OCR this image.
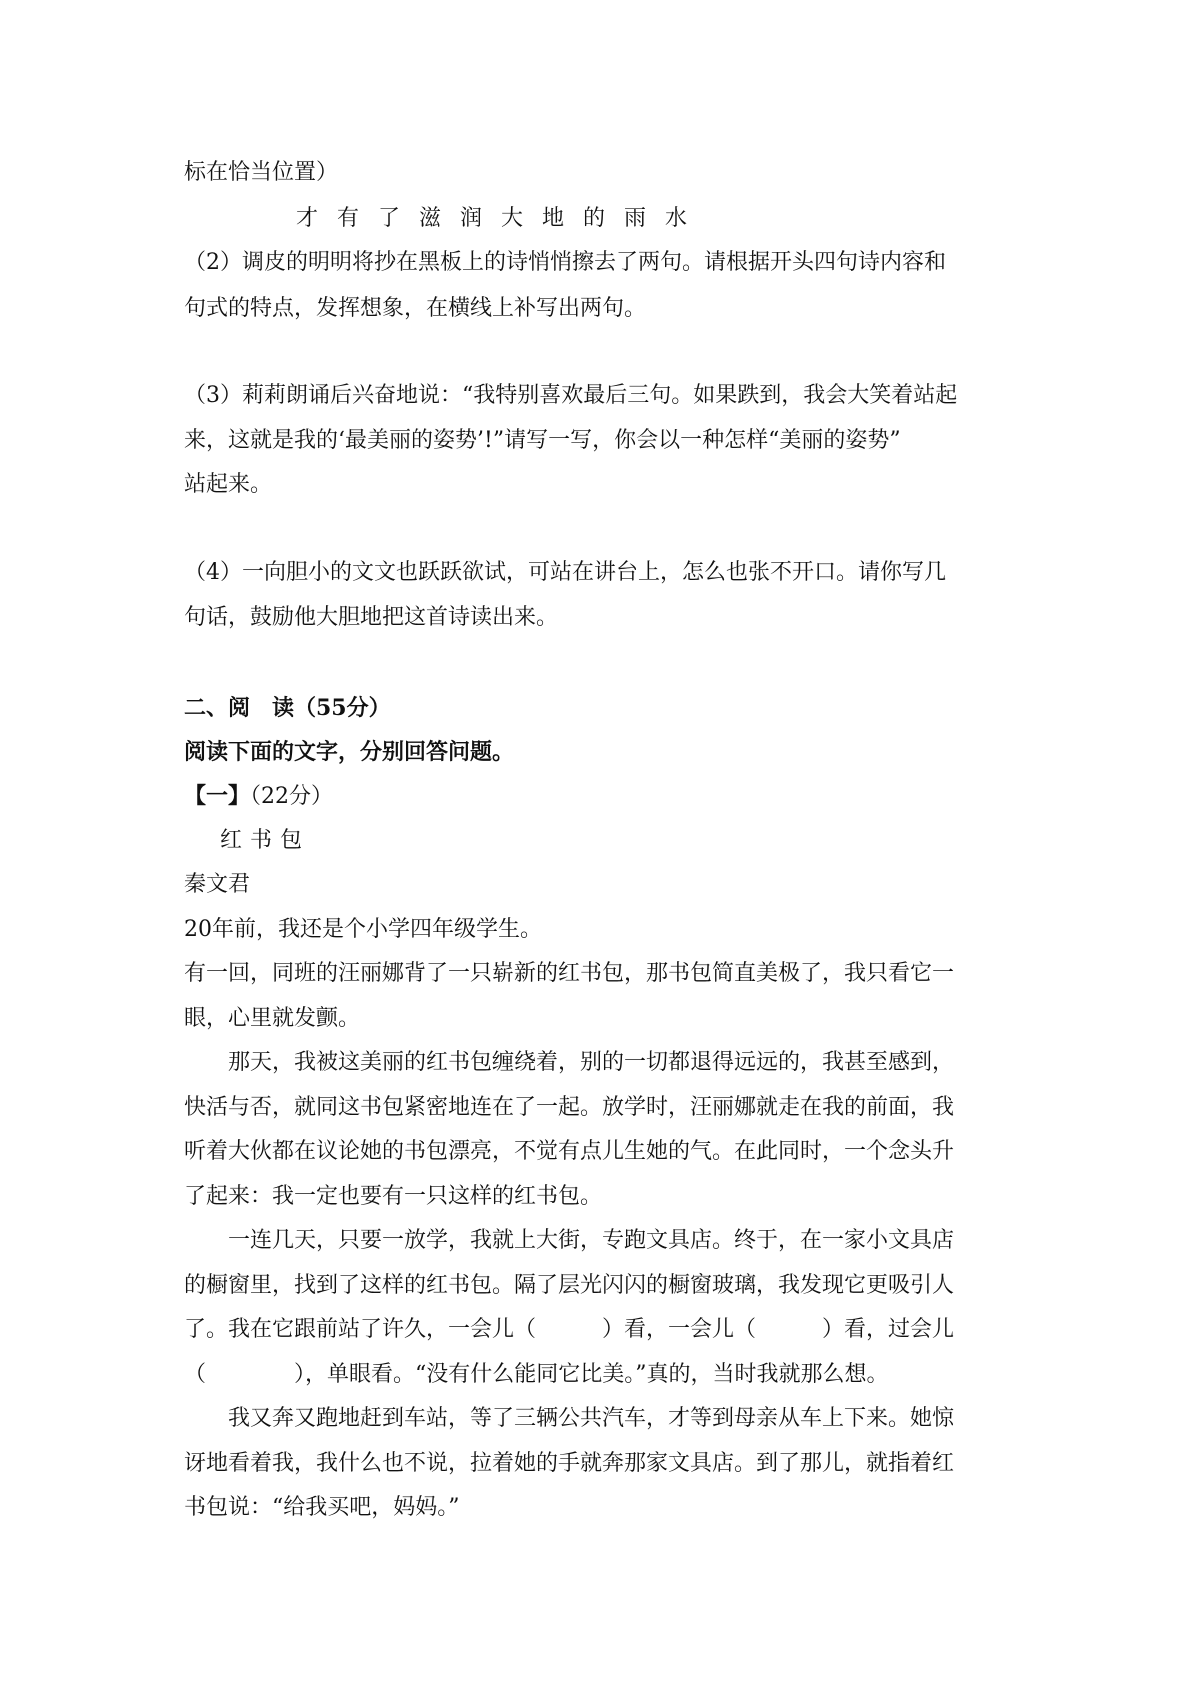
标在恰当位置）
才有了滋润大地的雨水
（2）调皮的明明将抄在黑板上的诗悄悄擦去了两句。请根据开头四句诗内容和
句式的特点，发挥想象，在横线上补写出两句。
（3）莉莉朗诵后兴奋地说：“我特别喜欢最后三句。如果跌到，我会大笑着站起
来，这就是我的‘最美丽的姿势’!”请写一写，你会以一种怎样“美丽的姿势”
站起来。
（4）一向胆小的文文也跃跃欲试，可站在讲台上，怎么也张不开口。请你写几
句话，鼓励他大胆地把这首诗读出来。
二、阅　读（55分）
阅读下面的文字，分别回答问题。
【一】（22分）
红书包
秦文君
20年前，我还是个小学四年级学生。
有一回，同班的汪丽娜背了一只崭新的红书包，那书包简直美极了，我只看它一
眼，心里就发颤。
那天，我被这美丽的红书包缠绕着，别的一切都退得远远的，我甚至感到，
快活与否，就同这书包紧密地连在了一起。放学时，汪丽娜就走在我的前面，我
听着大伙都在议论她的书包漂亮，不觉有点儿生她的气。在此同时，一个念头升
了起来：我一定也要有一只这样的红书包。
一连几天，只要一放学，我就上大街，专跑文具店。终于，在一家小文具店
的橱窗里，找到了这样的红书包。隔了层光闪闪的橱窗玻璃，我发现它更吸引人
了。我在它跟前站了许久，一会儿（　　　）看，一会儿（　　　）看，过会儿
（　　　　），单眼看。“没有什么能同它比美。”真的，当时我就那么想。
我又奔又跑地赶到车站，等了三辆公共汽车，才等到母亲从车上下来。她惊
讶地看着我，我什么也不说，拉着她的手就奔那家文具店。到了那儿，就指着红
书包说：“给我买吧，妈妈。”
